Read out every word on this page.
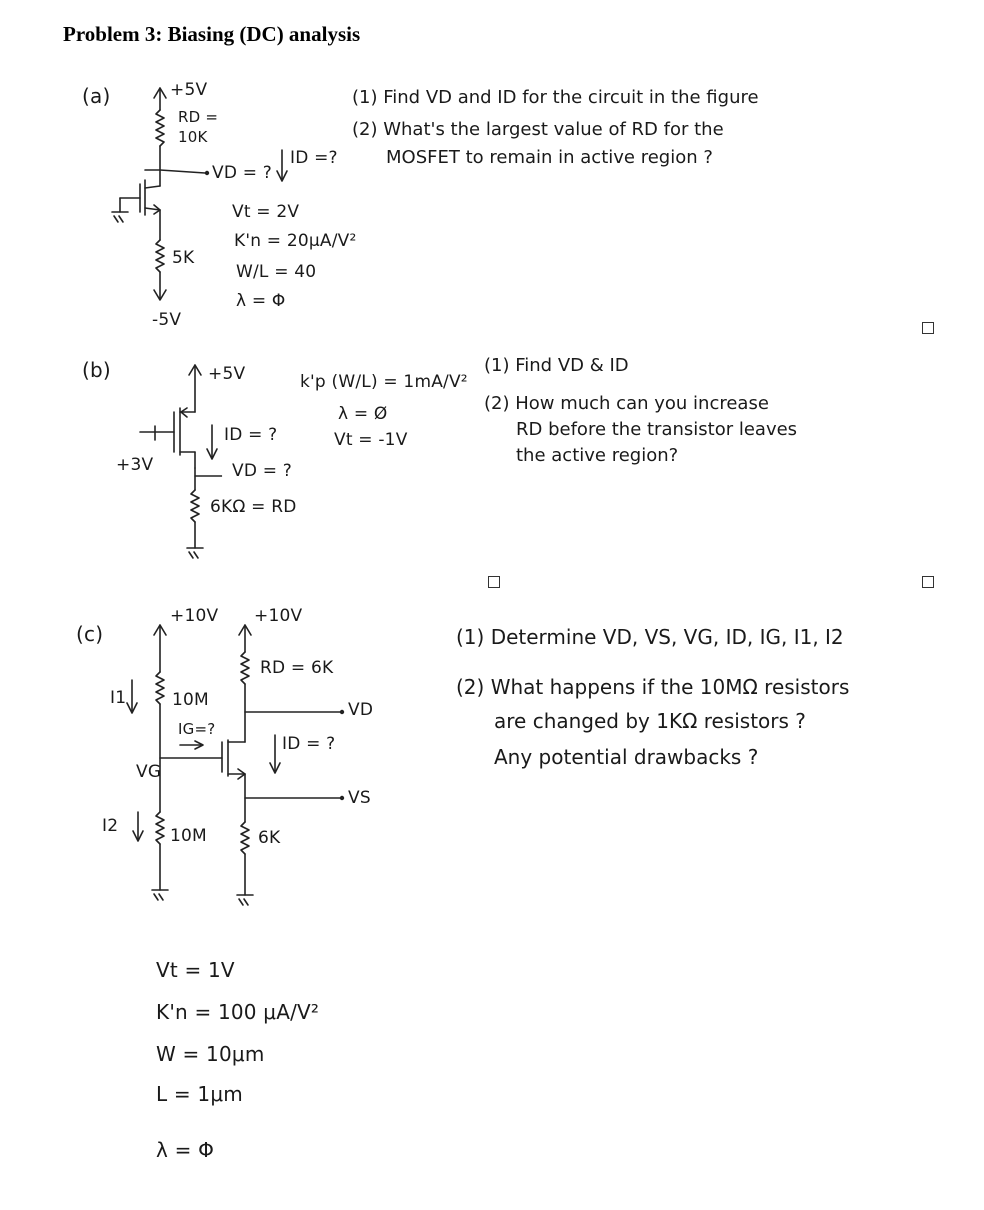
Problem 3: Biasing (DC) analysis
(a)	+5V
RD =
10K
VD = ?
ID =?
Vt = 2V
K'n = 20μA/V²
W/L = 40
λ = Φ
5K
-5V
(1) Find VD and ID for the circuit in the figure
(2) What's the largest value of RD for the
MOSFET to remain in active region ?
(b)	+5V
+3V
ID = ?
VD = ?
6KΩ = RD
k'p (W/L) = 1mA/V²
λ = Ø
Vt = -1V
(1) Find VD & ID
(2) How much can you increase
RD before the transistor leaves
the active region?
(c)
+10V +10V
I1	10M
IG=?
VG
I2	10M
RD = 6K
ID = ?
VD
VS
6K
(1) Determine VD, VS, VG, ID, IG, I1, I2
(2) What happens if the 10MΩ resistors
are changed by 1KΩ resistors ?
Any potential drawbacks ?
Vt = 1V
K'n = 100 μA/V²
W = 10μm
L = 1μm
λ = Φ
